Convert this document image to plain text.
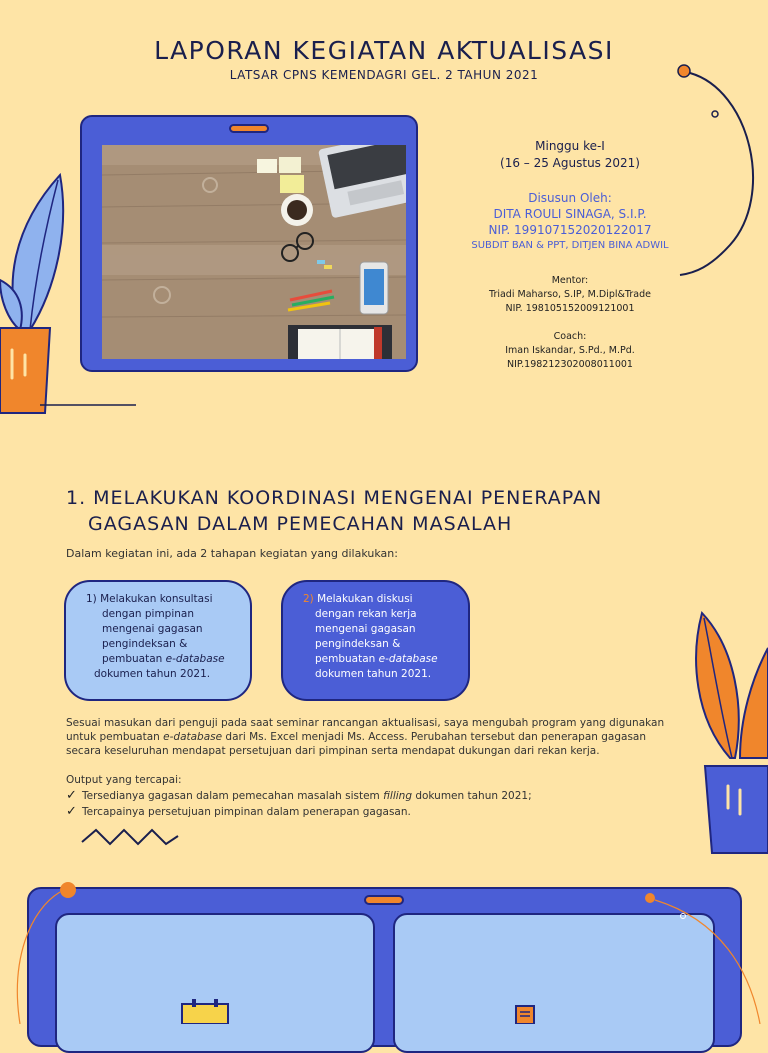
LAPORAN KEGIATAN AKTUALISASI
LATSAR CPNS KEMENDAGRI GEL. 2 TAHUN 2021
Minggu ke-I
(16 – 25 Agustus 2021)
Disusun Oleh:
DITA ROULI SINAGA, S.I.P.
NIP. 199107152020122017
SUBDIT BAN & PPT, DITJEN BINA ADWIL
Mentor:
Triadi Maharso, S.IP, M.Dipl&Trade
NIP. 198105152009121001
Coach:
Iman Iskandar, S.Pd., M.Pd.
NIP.198212302008011001
1. MELAKUKAN KOORDINASI MENGENAI PENERAPAN
GAGASAN DALAM PEMECAHAN MASALAH
Dalam kegiatan ini, ada 2 tahapan kegiatan yang dilakukan:
1) Melakukan konsultasi
dengan pimpinan
mengenai gagasan
pengindeksan &
pembuatan e-database
dokumen tahun 2021.
2) Melakukan diskusi
dengan rekan kerja
mengenai gagasan
pengindeksan &
pembuatan e-database
dokumen tahun 2021.
Sesuai masukan dari penguji pada saat seminar rancangan aktualisasi, saya mengubah program yang digunakan
untuk pembuatan e-database dari Ms. Excel menjadi Ms. Access. Perubahan tersebut dan penerapan gagasan
secara keseluruhan mendapat persetujuan dari pimpinan serta mendapat dukungan dari rekan kerja.
Output yang tercapai:
✓ Tersedianya gagasan dalam pemecahan masalah sistem filling dokumen tahun 2021;
✓ Tercapainya persetujuan pimpinan dalam penerapan gagasan.
